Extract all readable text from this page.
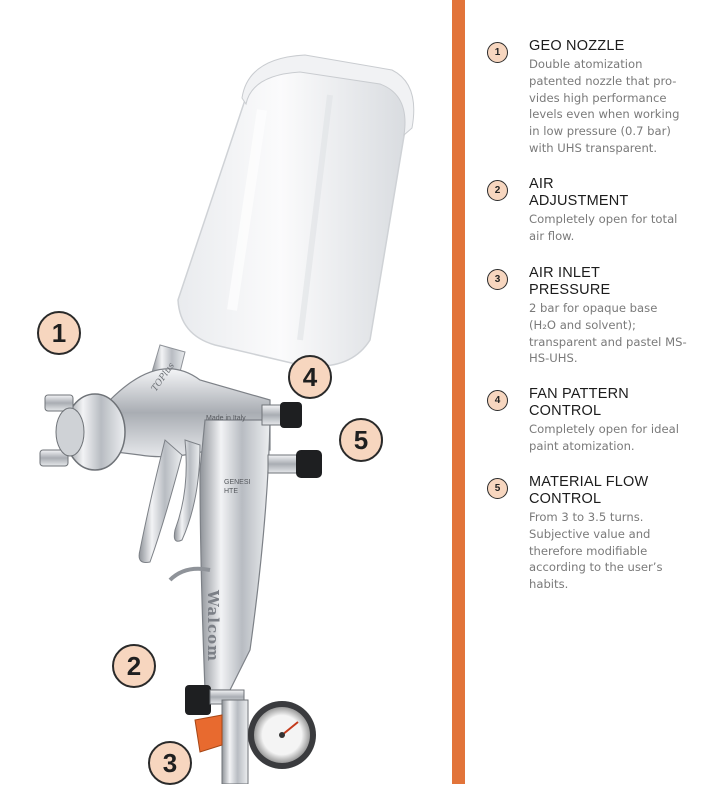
Walcom
TOPlus
Made in Italy
GENESI HTE
1
2
3
4
5
1	GEO NOZZLE
Double atomization patented nozzle that pro-vides high performance levels even when working in low pressure (0.7 bar) with UHS transparent.
2	AIR ADJUSTMENT
Completely open for total air flow.
3	AIR INLET PRESSURE
2 bar for opaque base (H₂O and solvent); transparent and pastel MS-HS-UHS.
4	FAN PATTERN CONTROL
Completely open for ideal paint atomization.
5	MATERIAL FLOW CONTROL
From 3 to 3.5 turns. Subjective value and therefore modifiable according to the user’s habits.
